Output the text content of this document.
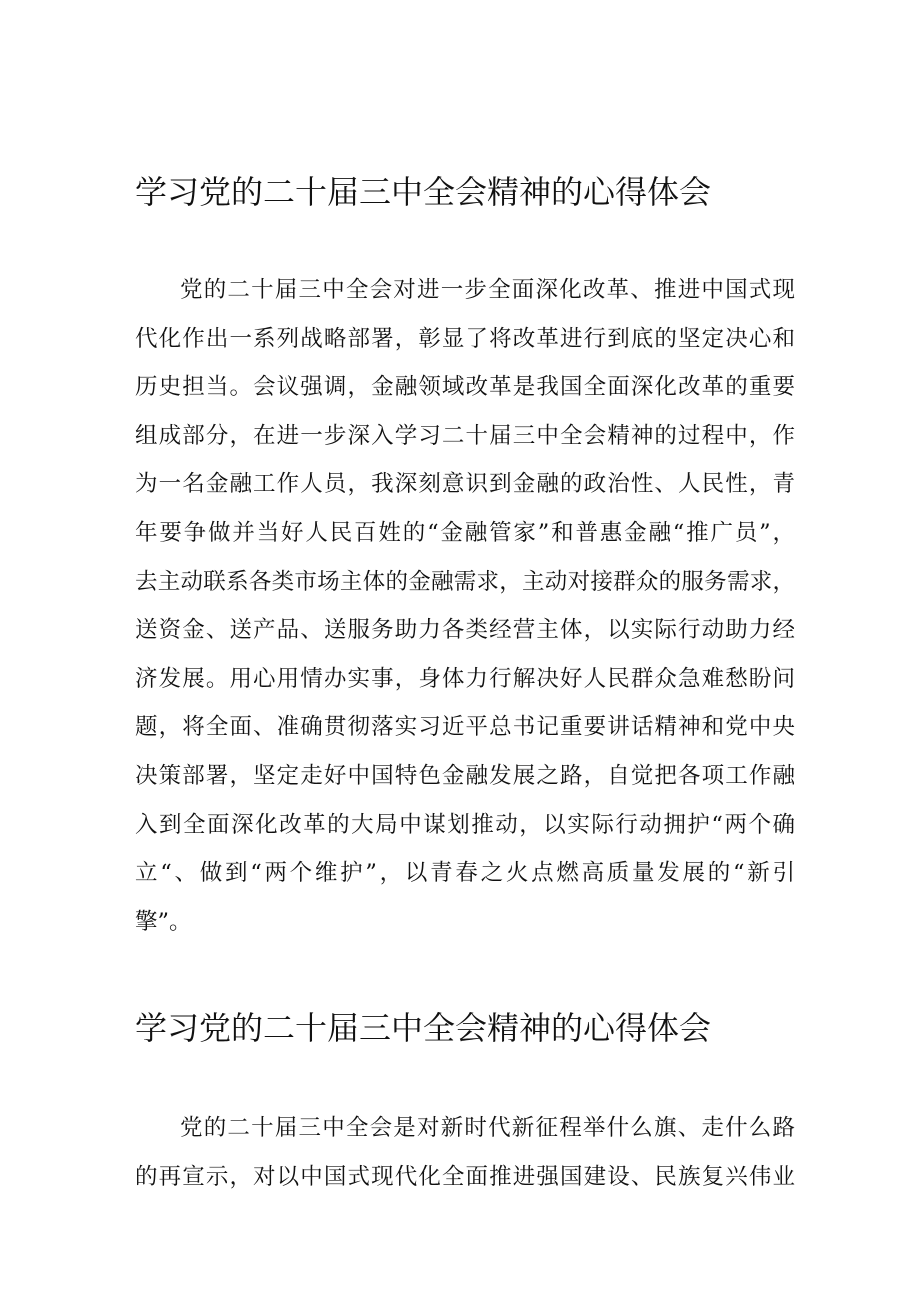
学习党的二十届三中全会精神的心得体会

党的二十届三中全会对进一步全面深化改革、推进中国式现
代化作出一系列战略部署，彰显了将改革进行到底的坚定决心和
历史担当。会议强调，金融领域改革是我国全面深化改革的重要
组成部分，在进一步深入学习二十届三中全会精神的过程中，作
为一名金融工作人员，我深刻意识到金融的政治性、人民性，青
年要争做并当好人民百姓的“金融管家”和普惠金融“推广员”，
去主动联系各类市场主体的金融需求，主动对接群众的服务需求，
送资金、送产品、送服务助力各类经营主体，以实际行动助力经
济发展。用心用情办实事，身体力行解决好人民群众急难愁盼问
题，将全面、准确贯彻落实习近平总书记重要讲话精神和党中央
决策部署，坚定走好中国特色金融发展之路，自觉把各项工作融
入到全面深化改革的大局中谋划推动，以实际行动拥护“两个确
立“、做到“两个维护”，以青春之火点燃高质量发展的“新引
擎”。

学习党的二十届三中全会精神的心得体会

党的二十届三中全会是对新时代新征程举什么旗、走什么路
的再宣示，对以中国式现代化全面推进强国建设、民族复兴伟业
